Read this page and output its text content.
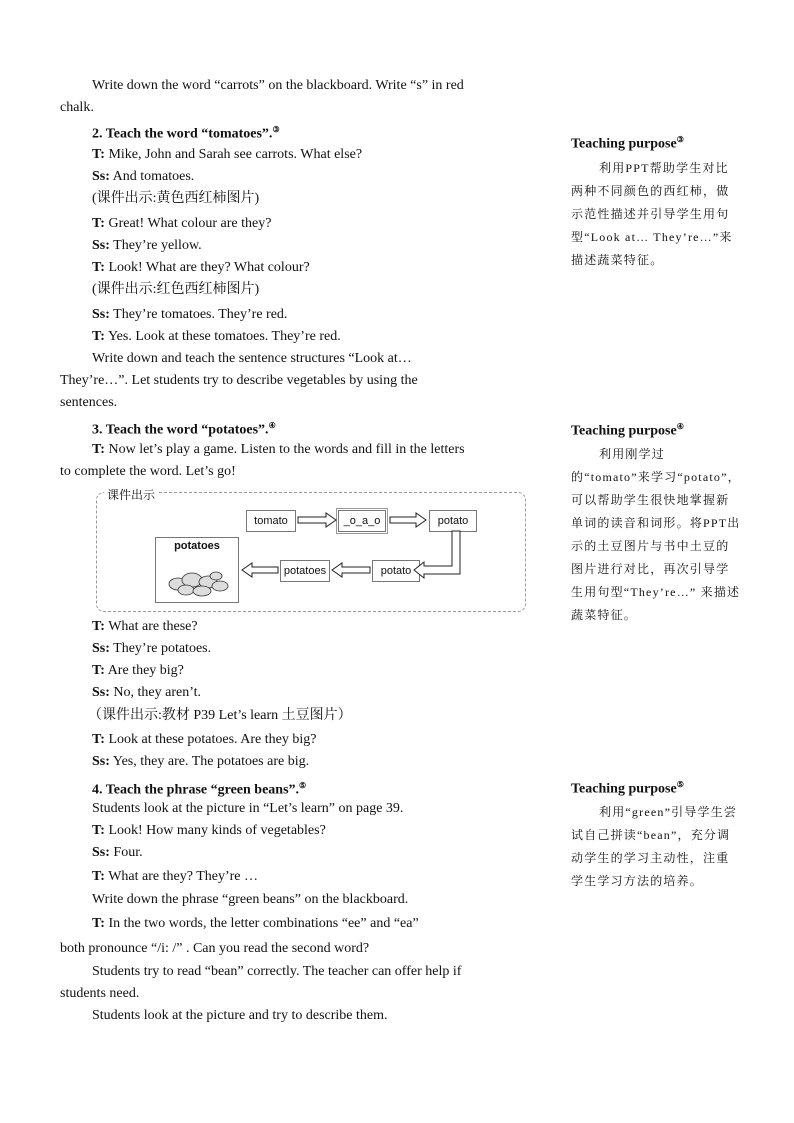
Write down the word “carrots” on the blackboard. Write “s” in red
chalk.
2. Teach the word “tomatoes”.③
T: Mike, John and Sarah see carrots. What else?
Ss: And tomatoes.
(课件出示:黄色西红柿图片)
T: Great! What colour are they?
Ss: They’re yellow.
T: Look! What are they? What colour?
(课件出示:红色西红柿图片)
Ss: They’re tomatoes. They’re red.
T: Yes. Look at these tomatoes. They’re red.
Write down and teach the sentence structures “Look at…
They’re…”. Let students try to describe vegetables by using the
sentences.
3. Teach the word “potatoes”.④
T: Now let’s play a game. Listen to the words and fill in the letters
to complete the word. Let’s go!
课件出示
tomato	_o_a_o	potato
potato
potatoes
potatoes
T: What are these?
Ss: They’re potatoes.
T: Are they big?
Ss: No, they aren’t.
（课件出示:教材 P39 Let’s learn 土豆图片）
T: Look at these potatoes. Are they big?
Ss: Yes, they are. The potatoes are big.
4. Teach the phrase “green beans”.⑤
Students look at the picture in “Let’s learn” on page 39.
T: Look! How many kinds of vegetables?
Ss: Four.
T: What are they? They’re …
Write down the phrase “green beans” on the blackboard.
T: In the two words, the letter combinations “ee” and “ea”
both pronounce “/i: /” . Can you read the second word?
Students try to read “bean” correctly. The teacher can offer help if
students need.
Students look at the picture and try to describe them.
Teaching purpose③
利用PPT帮助学生对比两种不同颜色的西红柿，做示范性描述并引导学生用句型“Look at… They’re…”来描述蔬菜特征。
Teaching purpose④
利用刚学过的“tomato”来学习“potato”，可以帮助学生很快地掌握新单词的读音和词形。将PPT出示的土豆图片与书中土豆的图片进行对比，再次引导学生用句型“They’re…” 来描述蔬菜特征。
Teaching purpose⑤
利用“green”引导学生尝试自己拼读“bean”，充分调动学生的学习主动性，注重学生学习方法的培养。
